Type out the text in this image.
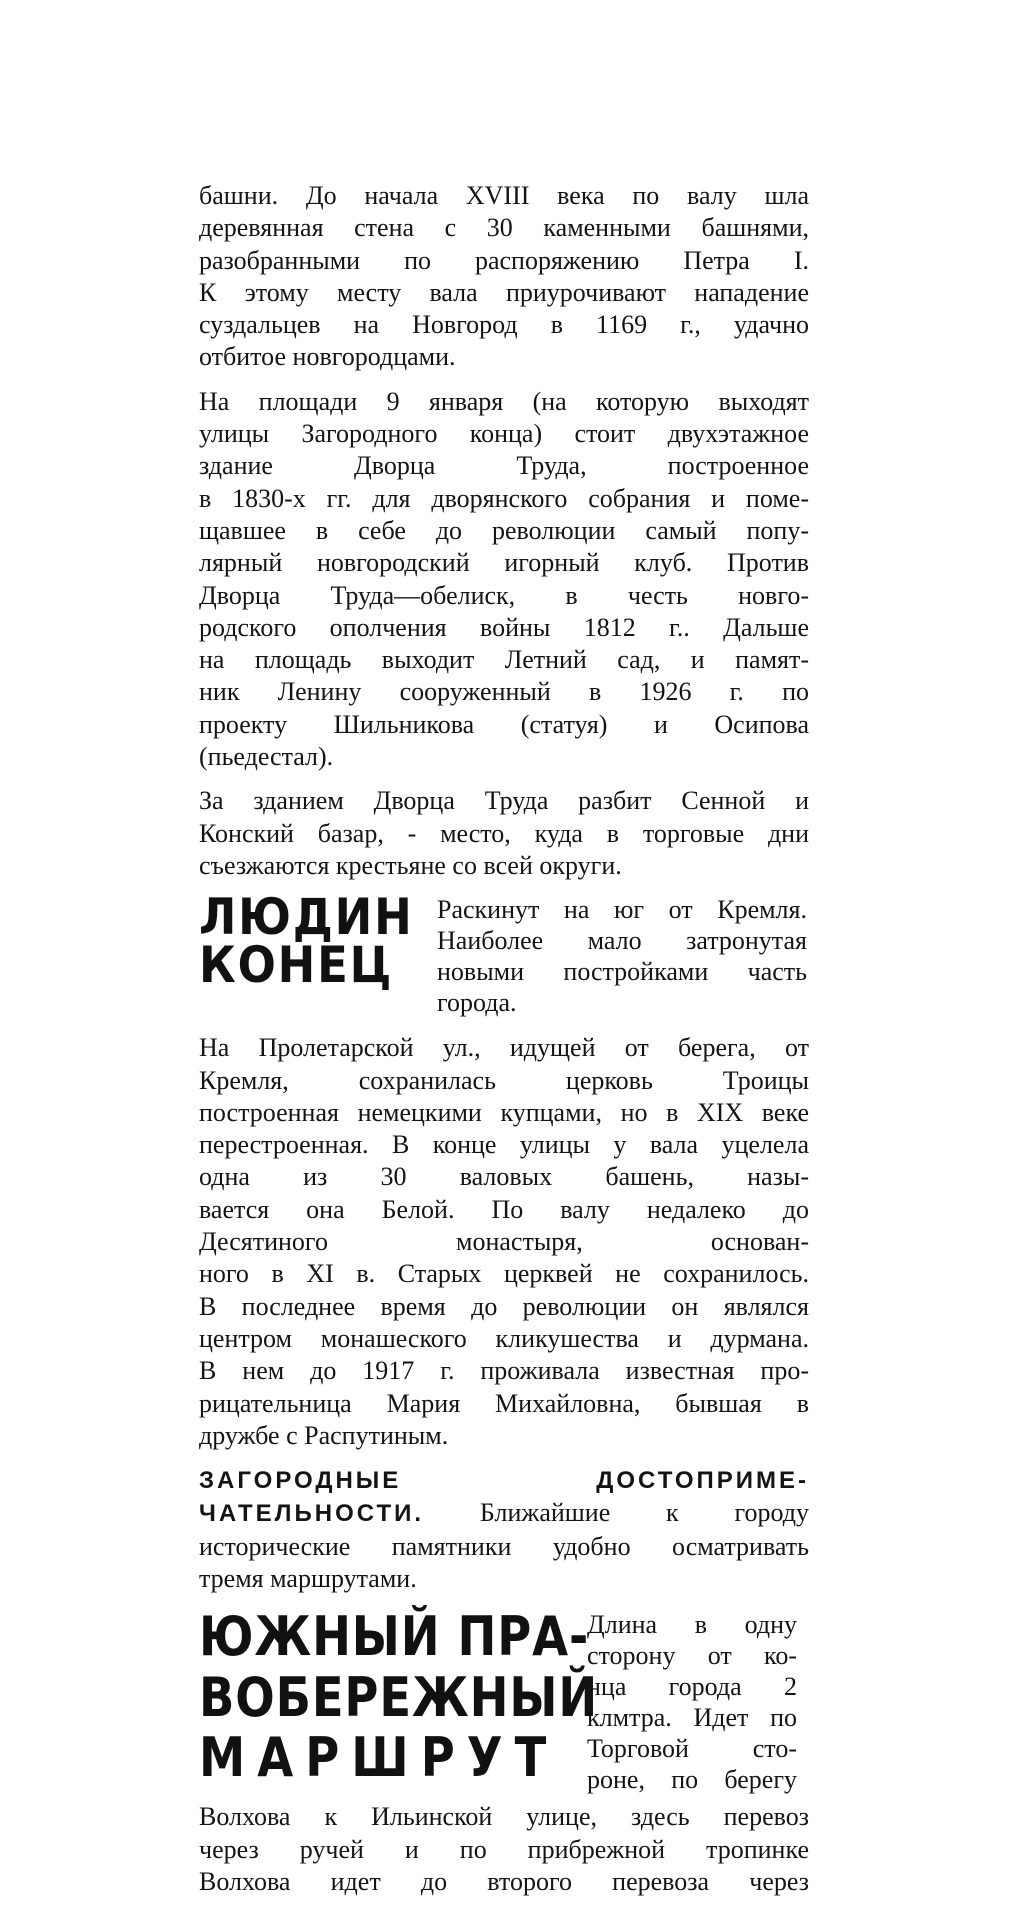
башни. До начала XVIII века по валу шла
деревянная стена с 30 каменными башнями,
разобранными по распоряжению Петра I.
К этому месту вала приурочивают нападение
суздальцев на Новгород в 1169 г., удачно
отбитое новгородцами.

На площади 9 января (на которую выходят
улицы Загородного конца) стоит двухэтажное
здание Дворца Труда, построенное
в 1830-х гг. для дворянского собрания и поме-
щавшее в себе до революции самый попу-
лярный новгородский игорный клуб. Против
Дворца Труда—обелиск, в честь новго-
родского ополчения войны 1812 г.. Дальше
на площадь выходит Летний сад, и памят-
ник Ленину сооруженный в 1926 г. по
проекту Шильникова (статуя) и Осипова
(пьедестал).

За зданием Дворца Труда разбит Сенной и
Конский базар, - место, куда в торговые дни
съезжаются крестьяне со всей округи.

ЛЮДИН
КОНЕЦ

Раскинут на юг от Кремля.
Наиболее мало затронутая
новыми постройками часть
города.

На Пролетарской ул., идущей от берега, от
Кремля, сохранилась церковь Троицы
построенная немецкими купцами, но в XIX веке
перестроенная. В конце улицы у вала уцелела
одна из 30 валовых башень, назы-
вается она Белой. По валу недалеко до
Десятиного монастыря, основан-
ного в XI в. Старых церквей не сохранилось.
В последнее время до революции он являлся
центром монашеского кликушества и дурмана.
В нем до 1917 г. проживала известная про-
рицательница Мария Михайловна, бывшая в
дружбе с Распутиным.

ЗАГОРОДНЫЕ ДОСТОПРИМЕ-
ЧАТЕЛЬНОСТИ. Ближайшие к городу
исторические памятники удобно осматривать
тремя маршрутами.

ЮЖНЫЙ ПРА-
ВОБЕРЕЖНЫЙ
МАРШРУТ

Длина в одну
сторону от ко-
нца города 2
клмтра. Идет по
Торговой сто-
роне, по берегу

Волхова к Ильинской улице, здесь перевоз
через ручей и по прибрежной тропинке
Волхова идет до второго перевоза через
